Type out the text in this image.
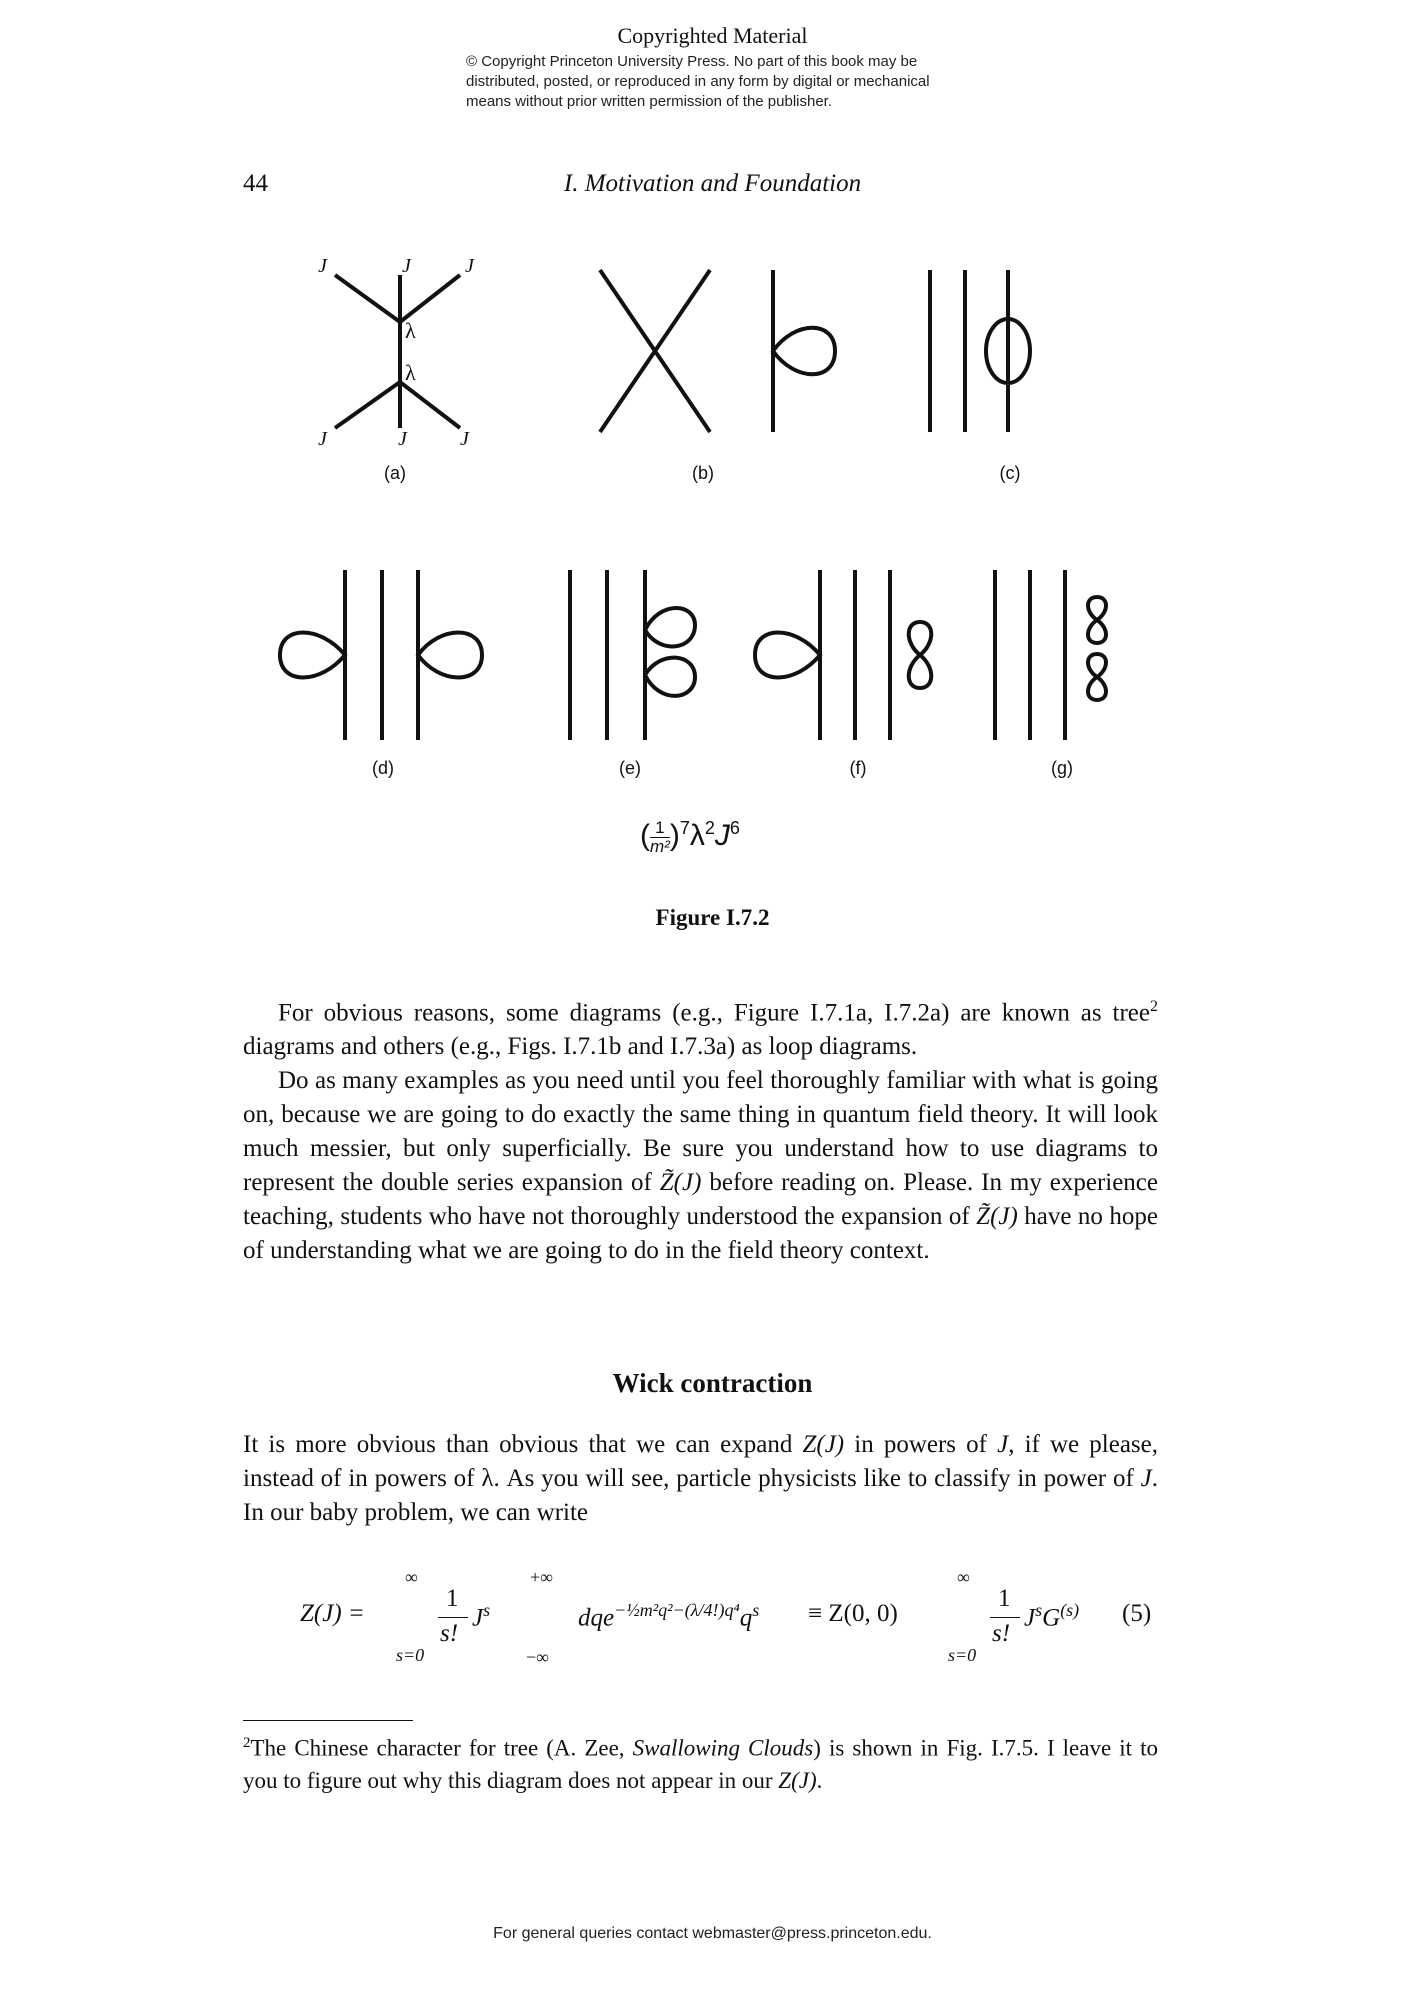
Copyrighted Material
© Copyright Princeton University Press. No part of this book may be
distributed, posted, or reproduced in any form by digital or mechanical
means without prior written permission of the publisher.
44	I. Motivation and Foundation
J	J	J
λ
λ
J	J	J
(a)	(b)	(c)
(d)	(e)	(f)	(g)
( $\frac{1}{\text{m²}} )^7\lambda^2J^6$
Figure I.7.2

For obvious reasons, some diagrams (e.g., Figure I.7.1a, I.7.2a) are known as tree$^2$ diagrams and others (e.g., Figs. I.7.1b and I.7.3a) as loop diagrams.

Do as many examples as you need until you feel thoroughly familiar with what is going on, because we are going to do exactly the same thing in quantum field theory. It will look much messier, but only superficially. Be sure you understand how to use diagrams to represent the double series expansion of Z̃(J) before reading on. Please. In my experience teaching, students who have not thoroughly understood the expansion of Z̃(J) have no hope of understanding what we are going to do in the field theory context.

Wick contraction

It is more obvious than obvious that we can expand Z(J) in powers of J, if we please, instead of in powers of λ. As you will see, particle physicists like to classify in power of J. In our baby problem, we can write

Z(J) =
∞
s=0
1
s!
$J^s$
+∞
−∞
$dqe^{-\frac{1}{2}m^2q^2-(\lambda/4!)q^4}q^s \equiv Z(0$, 0)
∞
s=0
1
s!
$J^sG^{(s)}$ (5)
$^2$The Chinese character for tree (A. Zee, Swallowing Clouds) is shown in Fig. I.7.5. I leave it to you to figure out why this diagram does not appear in our Z(J).
For general queries contact webmaster@press.princeton.edu.
